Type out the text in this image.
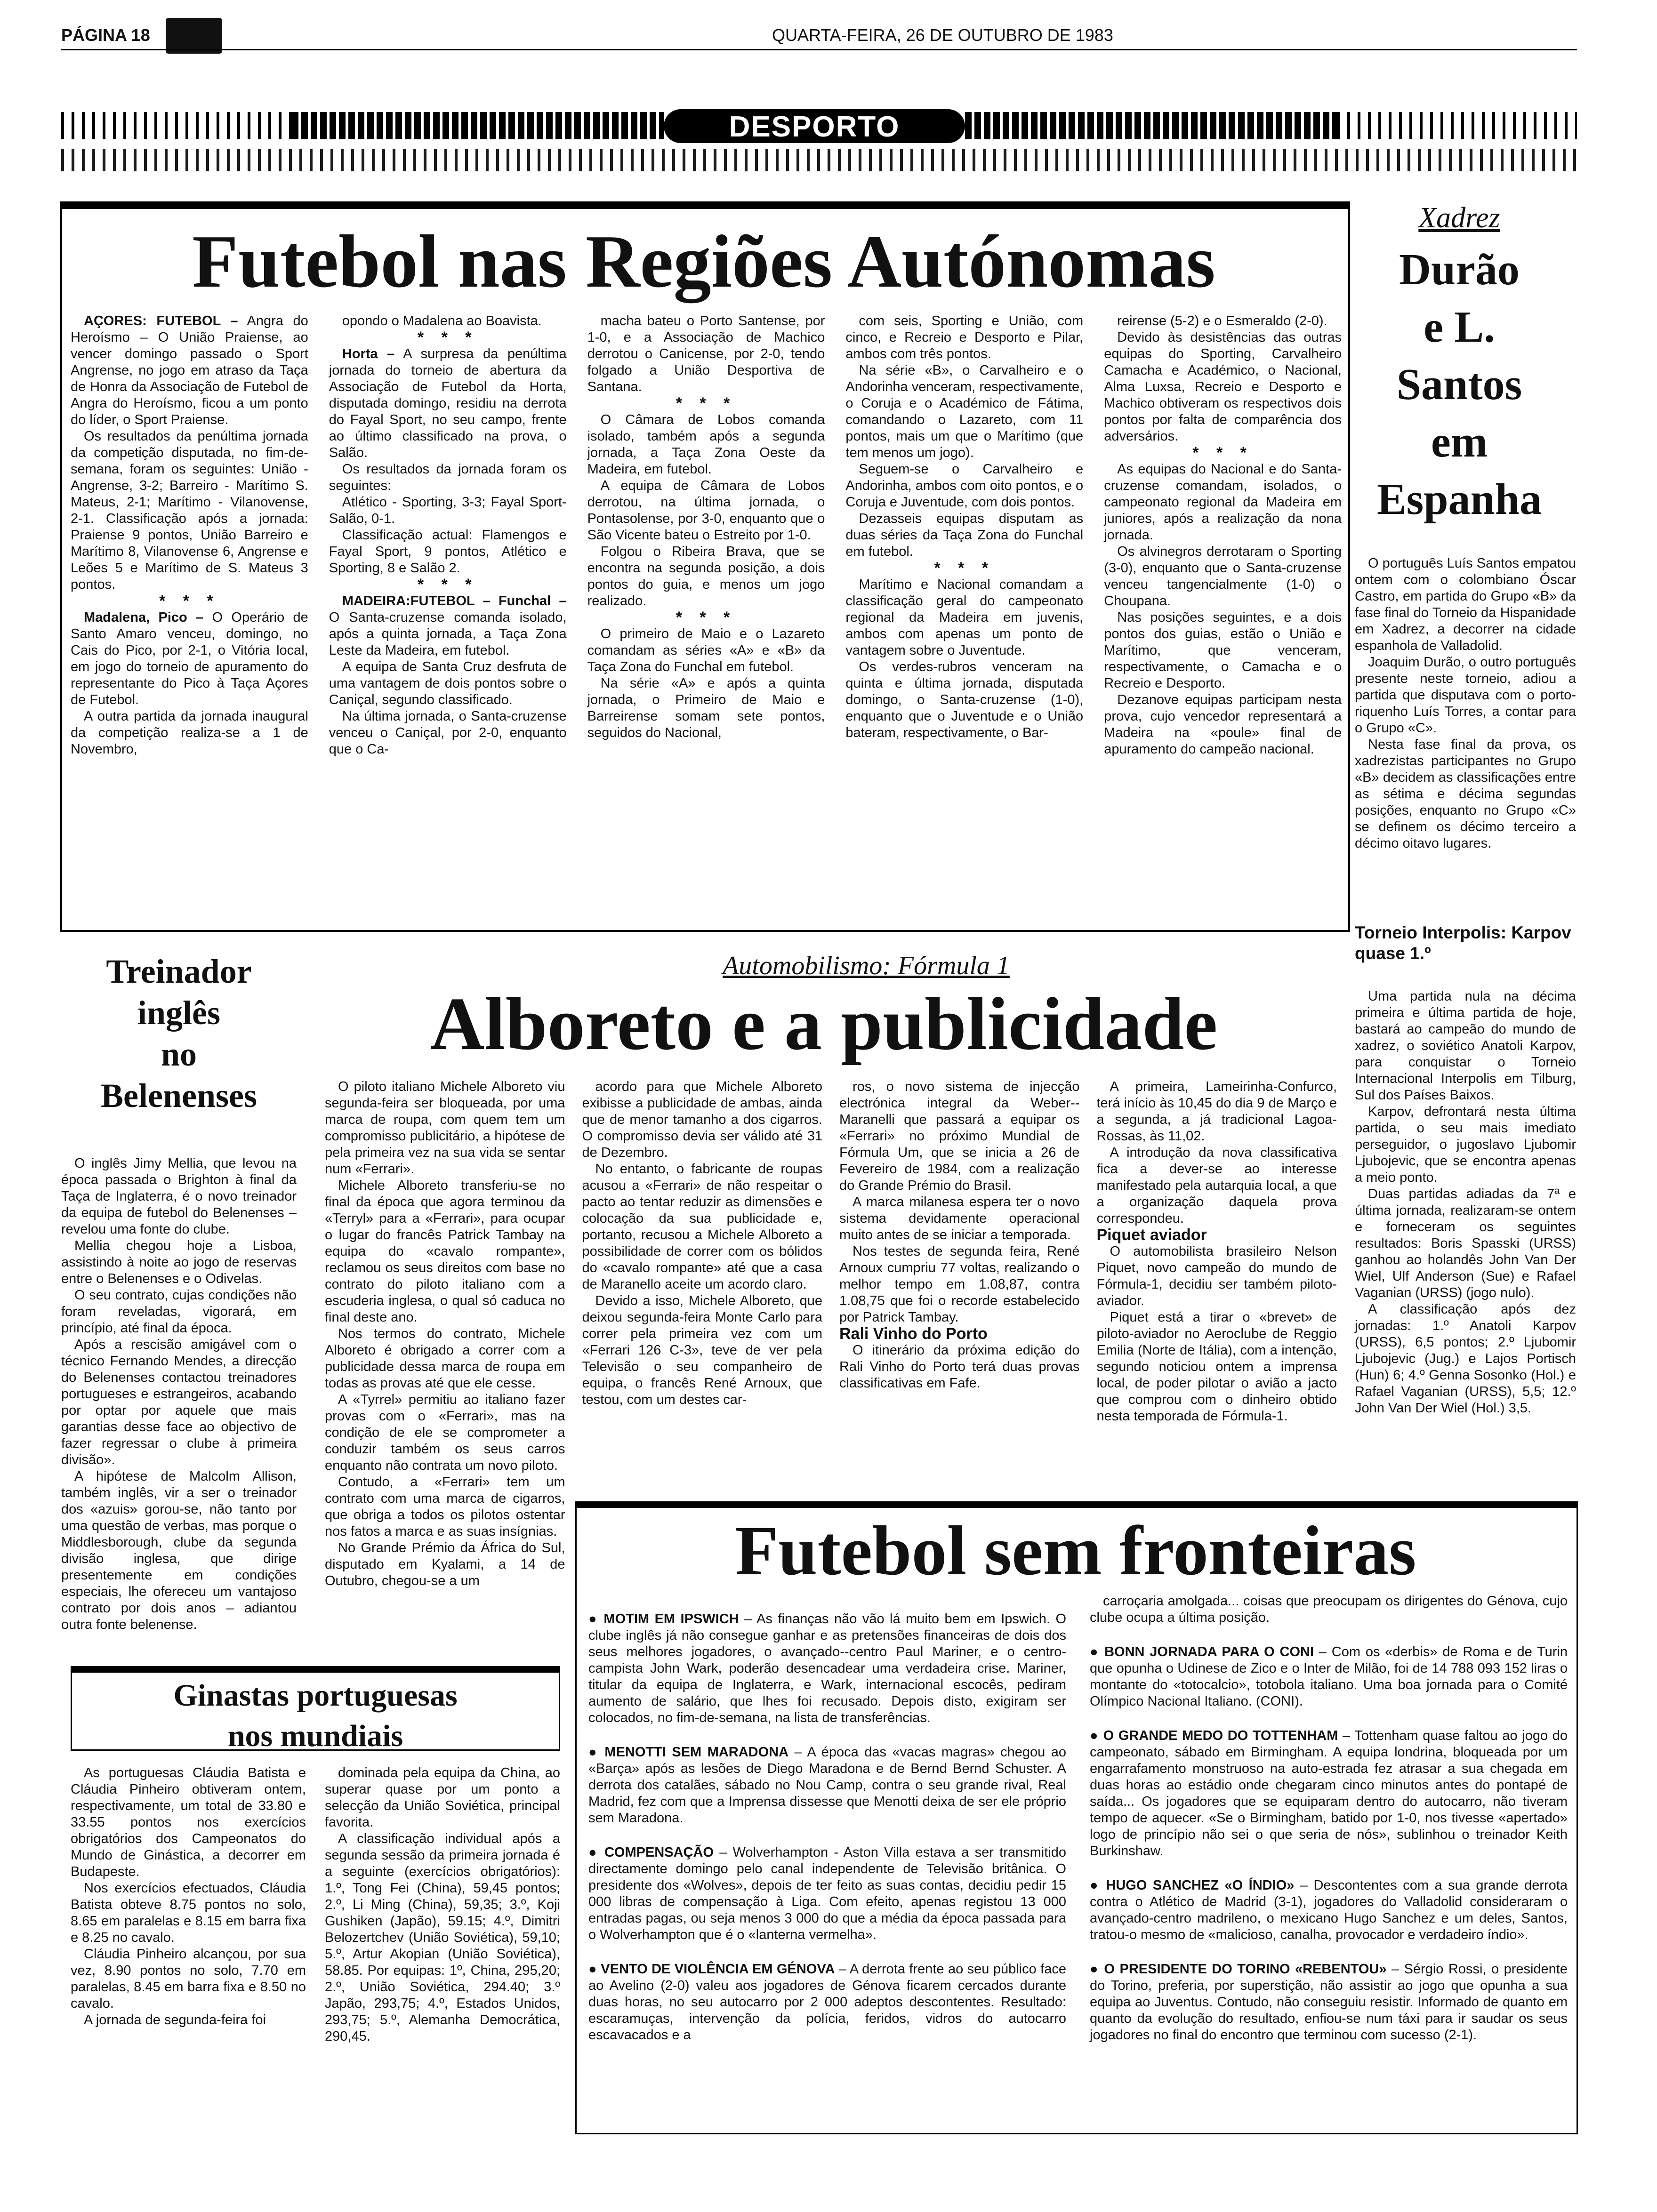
PÁGINA 18	QUARTA-FEIRA, 26 DE OUTUBRO DE 1983
DESPORTO
Futebol nas Regiões Autónomas

AÇORES: FUTEBOL – Angra do Heroísmo – O União Praiense, ao vencer domingo passado o Sport Angrense, no jogo em atraso da Taça de Honra da Associação de Futebol de Angra do Heroísmo, ficou a um ponto do líder, o Sport Praiense.

Os resultados da penúltima jornada da competição disputada, no fim-de-semana, foram os seguintes: União -Angrense, 3-2; Barreiro - Marítimo S. Mateus, 2-1; Marítimo - Vilanovense, 2-1. Classificação após a jornada: Praiense 9 pontos, União Barreiro e Marítimo 8, Vilanovense 6, Angrense e Leões 5 e Marítimo de S. Mateus 3 pontos.

* * *

Madalena, Pico – O Operário de Santo Amaro venceu, domingo, no Cais do Pico, por 2-1, o Vitória local, em jogo do torneio de apuramento do representante do Pico à Taça Açores de Futebol.

A outra partida da jornada inaugural da competição realiza-se a 1 de Novembro,

opondo o Madalena ao Boavista.

* * *

Horta – A surpresa da penúltima jornada do torneio de abertura da Associação de Futebol da Horta, disputada domingo, residiu na derrota do Fayal Sport, no seu campo, frente ao último classificado na prova, o Salão.

Os resultados da jornada foram os seguintes:

Atlético - Sporting, 3-3; Fayal Sport-Salão, 0-1.

Classificação actual: Flamengos e Fayal Sport, 9 pontos, Atlético e Sporting, 8 e Salão 2.

* * *

MADEIRA:FUTEBOL – Funchal – O Santa-cruzense comanda isolado, após a quinta jornada, a Taça Zona Leste da Madeira, em futebol.

A equipa de Santa Cruz desfruta de uma vantagem de dois pontos sobre o Caniçal, segundo classificado.

Na última jornada, o Santa-cruzense venceu o Caniçal, por 2-0, enquanto que o Ca-

macha bateu o Porto Santense, por 1-0, e a Associação de Machico derrotou o Canicense, por 2-0, tendo folgado a União Desportiva de Santana.

* * *

O Câmara de Lobos comanda isolado, também após a segunda jornada, a Taça Zona Oeste da Madeira, em futebol.

A equipa de Câmara de Lobos derrotou, na última jornada, o Pontasolense, por 3-0, enquanto que o São Vicente bateu o Estreito por 1-0.

Folgou o Ribeira Brava, que se encontra na segunda posição, a dois pontos do guia, e menos um jogo realizado.

* * *

O primeiro de Maio e o Lazareto comandam as séries «A» e «B» da Taça Zona do Funchal em futebol.

Na série «A» e após a quinta jornada, o Primeiro de Maio e Barreirense somam sete pontos, seguidos do Nacional,

com seis, Sporting e União, com cinco, e Recreio e Desporto e Pilar, ambos com três pontos.

Na série «B», o Carvalheiro e o Andorinha venceram, respectivamente, o Coruja e o Académico de Fátima, comandando o Lazareto, com 11 pontos, mais um que o Marítimo (que tem menos um jogo).

Seguem-se o Carvalheiro e Andorinha, ambos com oito pontos, e o Coruja e Juventude, com dois pontos.

Dezasseis equipas disputam as duas séries da Taça Zona do Funchal em futebol.

* * *

Marítimo e Nacional comandam a classificação geral do campeonato regional da Madeira em juvenis, ambos com apenas um ponto de vantagem sobre o Juventude.

Os verdes-rubros venceram na quinta e última jornada, disputada domingo, o Santa-cruzense (1-0), enquanto que o Juventude e o União bateram, respectivamente, o Bar-

reirense (5-2) e o Esmeraldo (2-0).

Devido às desistências das outras equipas do Sporting, Carvalheiro Camacha e Académico, o Nacional, Alma Luxsa, Recreio e Desporto e Machico obtiveram os respectivos dois pontos por falta de comparência dos adversários.

* * *

As equipas do Nacional e do Santa-cruzense comandam, isolados, o campeonato regional da Madeira em juniores, após a realização da nona jornada.

Os alvinegros derrotaram o Sporting (3-0), enquanto que o Santa-cruzense venceu tangencialmente (1-0) o Choupana.

Nas posições seguintes, e a dois pontos dos guias, estão o União e Marítimo, que venceram, respectivamente, o Camacha e o Recreio e Desporto.

Dezanove equipas participam nesta prova, cujo vencedor representará a Madeira na «poule» final de apuramento do campeão nacional.

Xadrez
Durão
e L.
Santos
em
Espanha

O português Luís Santos empatou ontem com o colombiano Óscar Castro, em partida do Grupo «B» da fase final do Torneio da Hispanidade em Xadrez, a decorrer na cidade espanhola de Valladolid.

Joaquim Durão, o outro português presente neste torneio, adiou a partida que disputava com o porto-riquenho Luís Torres, a contar para o Grupo «C».

Nesta fase final da prova, os xadrezistas participantes no Grupo «B» decidem as classificações entre as sétima e décima segundas posições, enquanto no Grupo «C» se definem os décimo terceiro a décimo oitavo lugares.

Torneio Interpolis: Karpov quase 1.º

Uma partida nula na décima primeira e última partida de hoje, bastará ao campeão do mundo de xadrez, o soviético Anatoli Karpov, para conquistar o Torneio Internacional Interpolis em Tilburg, Sul dos Países Baixos.

Karpov, defrontará nesta última partida, o seu mais imediato perseguidor, o jugoslavo Ljubomir Ljubojevic, que se encontra apenas a meio ponto.

Duas partidas adiadas da 7ª e última jornada, realizaram-se ontem e forneceram os seguintes resultados: Boris Spasski (URSS) ganhou ao holandês John Van Der Wiel, Ulf Anderson (Sue) e Rafael Vaganian (URSS) (jogo nulo).

A classificação após dez jornadas: 1.º Anatoli Karpov (URSS), 6,5 pontos; 2.º Ljubomir Ljubojevic (Jug.) e Lajos Portisch (Hun) 6; 4.º Genna Sosonko (Hol.) e Rafael Vaganian (URSS), 5,5; 12.º John Van Der Wiel (Hol.) 3,5.

Treinador
inglês
no
Belenenses

O inglês Jimy Mellia, que levou na época passada o Brighton à final da Taça de Inglaterra, é o novo treinador da equipa de futebol do Belenenses – revelou uma fonte do clube.

Mellia chegou hoje a Lisboa, assistindo à noite ao jogo de reservas entre o Belenenses e o Odivelas.

O seu contrato, cujas condições não foram reveladas, vigorará, em princípio, até final da época.

Após a rescisão amigável com o técnico Fernando Mendes, a direcção do Belenenses contactou treinadores portugueses e estrangeiros, acabando por optar por aquele que mais garantias desse face ao objectivo de fazer regressar o clube à primeira divisão».

A hipótese de Malcolm Allison, também inglês, vir a ser o treinador dos «azuis» gorou-se, não tanto por uma questão de verbas, mas porque o Middlesborough, clube da segunda divisão inglesa, que dirige presentemente em condições especiais, lhe ofereceu um vantajoso contrato por dois anos – adiantou outra fonte belenense.

Automobilismo: Fórmula 1
Alboreto e a publicidade

O piloto italiano Michele Alboreto viu segunda-feira ser bloqueada, por uma marca de roupa, com quem tem um compromisso publicitário, a hipótese de pela primeira vez na sua vida se sentar num «Ferrari».

Michele Alboreto transferiu-se no final da época que agora terminou da «Terryl» para a «Ferrari», para ocupar o lugar do francês Patrick Tambay na equipa do «cavalo rompante», reclamou os seus direitos com base no contrato do piloto italiano com a escuderia inglesa, o qual só caduca no final deste ano.

Nos termos do contrato, Michele Alboreto é obrigado a correr com a publicidade dessa marca de roupa em todas as provas até que ele cesse.

A «Tyrrel» permitiu ao italiano fazer provas com o «Ferrari», mas na condição de ele se comprometer a conduzir também os seus carros enquanto não contrata um novo piloto.

Contudo, a «Ferrari» tem um contrato com uma marca de cigarros, que obriga a todos os pilotos ostentar nos fatos a marca e as suas insígnias.

No Grande Prémio da África do Sul, disputado em Kyalami, a 14 de Outubro, chegou-se a um

acordo para que Michele Alboreto exibisse a publicidade de ambas, ainda que de menor tamanho a dos cigarros. O compromisso devia ser válido até 31 de Dezembro.

No entanto, o fabricante de roupas acusou a «Ferrari» de não respeitar o pacto ao tentar reduzir as dimensões e colocação da sua publicidade e, portanto, recusou a Michele Alboreto a possibilidade de correr com os bólidos do «cavalo rompante» até que a casa de Maranello aceite um acordo claro.

Devido a isso, Michele Alboreto, que deixou segunda-feira Monte Carlo para correr pela primeira vez com um «Ferrari 126 C-3», teve de ver pela Televisão o seu companheiro de equipa, o francês René Arnoux, que testou, com um destes car-

ros, o novo sistema de injecção electrónica integral da Weber--Maranelli que passará a equipar os «Ferrari» no próximo Mundial de Fórmula Um, que se inicia a 26 de Fevereiro de 1984, com a realização do Grande Prémio do Brasil.

A marca milanesa espera ter o novo sistema devidamente operacional muito antes de se iniciar a temporada.

Nos testes de segunda feira, René Arnoux cumpriu 77 voltas, realizando o melhor tempo em 1.08,87, contra 1.08,75 que foi o recorde estabelecido por Patrick Tambay.

Rali Vinho do Porto

O itinerário da próxima edição do Rali Vinho do Porto terá duas provas classificativas em Fafe.

A primeira, Lameirinha-Confurco, terá início às 10,45 do dia 9 de Março e a segunda, a já tradicional Lagoa-Rossas, às 11,02.

A introdução da nova classificativa fica a dever-se ao interesse manifestado pela autarquia local, a que a organização daquela prova correspondeu.

Piquet aviador

O automobilista brasileiro Nelson Piquet, novo campeão do mundo de Fórmula-1, decidiu ser também piloto-aviador.

Piquet está a tirar o «brevet» de piloto-aviador no Aeroclube de Reggio Emilia (Norte de Itália), com a intenção, segundo noticiou ontem a imprensa local, de poder pilotar o avião a jacto que comprou com o dinheiro obtido nesta temporada de Fórmula-1.

Futebol sem fronteiras

● MOTIM EM IPSWICH – As finanças não vão lá muito bem em Ipswich. O clube inglês já não consegue ganhar e as pretensões financeiras de dois dos seus melhores jogadores, o avançado--centro Paul Mariner, e o centro-campista John Wark, poderão desencadear uma verdadeira crise. Mariner, titular da equipa de Inglaterra, e Wark, internacional escocês, pediram aumento de salário, que lhes foi recusado. Depois disto, exigiram ser colocados, no fim-de-semana, na lista de transferências.

● MENOTTI SEM MARADONA – A época das «vacas magras» chegou ao «Barça» após as lesões de Diego Maradona e de Bernd Bernd Schuster. A derrota dos catalães, sábado no Nou Camp, contra o seu grande rival, Real Madrid, fez com que a Imprensa dissesse que Menotti deixa de ser ele próprio sem Maradona.

● COMPENSAÇÃO – Wolverhampton - Aston Villa estava a ser transmitido directamente domingo pelo canal independente de Televisão britânica. O presidente dos «Wolves», depois de ter feito as suas contas, decidiu pedir 15 000 libras de compensação à Liga. Com efeito, apenas registou 13 000 entradas pagas, ou seja menos 3 000 do que a média da época passada para o Wolverhampton que é o «lanterna vermelha».

● VENTO DE VIOLÊNCIA EM GÉNOVA – A derrota frente ao seu público face ao Avelino (2-0) valeu aos jogadores de Génova ficarem cercados durante duas horas, no seu autocarro por 2 000 adeptos descontentes. Resultado: escaramuças, intervenção da polícia, feridos, vidros do autocarro escavacados e a

carroçaria amolgada... coisas que preocupam os dirigentes do Génova, cujo clube ocupa a última posição.

● BONN JORNADA PARA O CONI – Com os «derbis» de Roma e de Turin que opunha o Udinese de Zico e o Inter de Milão, foi de 14 788 093 152 liras o montante do «totocalcio», totobola italiano. Uma boa jornada para o Comité Olímpico Nacional Italiano. (CONI).

● O GRANDE MEDO DO TOTTENHAM – Tottenham quase faltou ao jogo do campeonato, sábado em Birmingham. A equipa londrina, bloqueada por um engarrafamento monstruoso na auto-estrada fez atrasar a sua chegada em duas horas ao estádio onde chegaram cinco minutos antes do pontapé de saída... Os jogadores que se equiparam dentro do autocarro, não tiveram tempo de aquecer. «Se o Birmingham, batido por 1-0, nos tivesse «apertado» logo de princípio não sei o que seria de nós», sublinhou o treinador Keith Burkinshaw.

● HUGO SANCHEZ «O ÍNDIO» – Descontentes com a sua grande derrota contra o Atlético de Madrid (3-1), jogadores do Valladolid consideraram o avançado-centro madrileno, o mexicano Hugo Sanchez e um deles, Santos, tratou-o mesmo de «malicioso, canalha, provocador e verdadeiro índio».

● O PRESIDENTE DO TORINO «REBENTOU» – Sérgio Rossi, o presidente do Torino, preferia, por superstição, não assistir ao jogo que opunha a sua equipa ao Juventus. Contudo, não conseguiu resistir. Informado de quanto em quanto da evolução do resultado, enfiou-se num táxi para ir saudar os seus jogadores no final do encontro que terminou com sucesso (2-1).

Ginastas portuguesas
nos mundiais

As portuguesas Cláudia Batista e Cláudia Pinheiro obtiveram ontem, respectivamente, um total de 33.80 e 33.55 pontos nos exercícios obrigatórios dos Campeonatos do Mundo de Ginástica, a decorrer em Budapeste.

Nos exercícios efectuados, Cláudia Batista obteve 8.75 pontos no solo, 8.65 em paralelas e 8.15 em barra fixa e 8.25 no cavalo.

Cláudia Pinheiro alcançou, por sua vez, 8.90 pontos no solo, 7.70 em paralelas, 8.45 em barra fixa e 8.50 no cavalo.

A jornada de segunda-feira foi

dominada pela equipa da China, ao superar quase por um ponto a selecção da União Soviética, principal favorita.

A classificação individual após a segunda sessão da primeira jornada é a seguinte (exercícios obrigatórios): 1.º, Tong Fei (China), 59,45 pontos; 2.º, Li Ming (China), 59,35; 3.º, Koji Gushiken (Japão), 59.15; 4.º, Dimitri Belozertchev (União Soviética), 59,10; 5.º, Artur Akopian (União Soviética), 58.85. Por equipas: 1º, China, 295,20; 2.º, União Soviética, 294.40; 3.º Japão, 293,75; 4.º, Estados Unidos, 293,75; 5.º, Alemanha Democrática, 290,45.
